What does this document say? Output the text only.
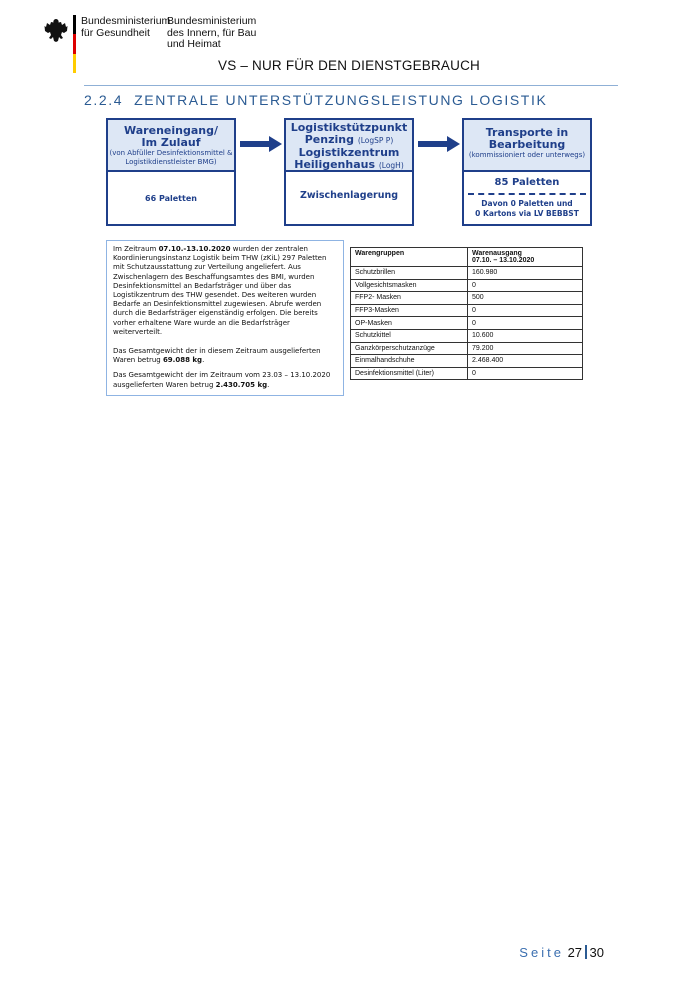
Bundesministerium
für Gesundheit
Bundesministerium
des Innern, für Bau
und Heimat
VS – NUR FÜR DEN DIENSTGEBRAUCH
2.2.4 ZENTRALE UNTERSTÜTZUNGSLEISTUNG LOGISTIK
Wareneingang/
Im Zulauf
(von Abfüller Desinfektionsmittel &
Logistikdienstleister BMG)
66 Paletten
Logistikstützpunkt
Penzing (LogSP P)
Logistikzentrum
Heiligenhaus (LogH)
Zwischenlagerung
Transporte in
Bearbeitung
(kommissioniert oder unterwegs)
85 Paletten
Davon 0 Paletten und
0 Kartons via LV BEBBST

Im Zeitraum 07.10.-13.10.2020 wurden der zentralen Koordinierungsinstanz Logistik beim THW (zKiL) 297 Paletten mit Schutzausstattung zur Verteilung angeliefert. Aus Zwischenlagern des Beschaffungsamtes des BMI, wurden Desinfektionsmittel an Bedarfsträger und über das Logistikzentrum des THW gesendet. Des weiteren wurden Bedarfe an Desinfektionsmittel zugewiesen. Abrufe werden durch die Bedarfsträger eigenständig erfolgen. Die bereits vorher erhaltene Ware wurde an die Bedarfsträger weiterverteilt.

Das Gesamtgewicht der in diesem Zeitraum ausgelieferten Waren betrug 69.088 kg.

Das Gesamtgewicht der im Zeitraum vom 23.03 – 13.10.2020 ausgelieferten Waren betrug 2.430.705 kg.

Warengruppen	Warenausgang
07.10. – 13.10.2020

Schutzbrillen	160.980
Vollgesichtsmasken	0
FFP2- Masken	500
FFP3-Masken	0
OP-Masken	0
Schutzkittel	10.600
Ganzkörperschutzanzüge	79.200
Einmalhandschuhe	2.468.400
Desinfektionsmittel (Liter)	0
Seite 27 30
